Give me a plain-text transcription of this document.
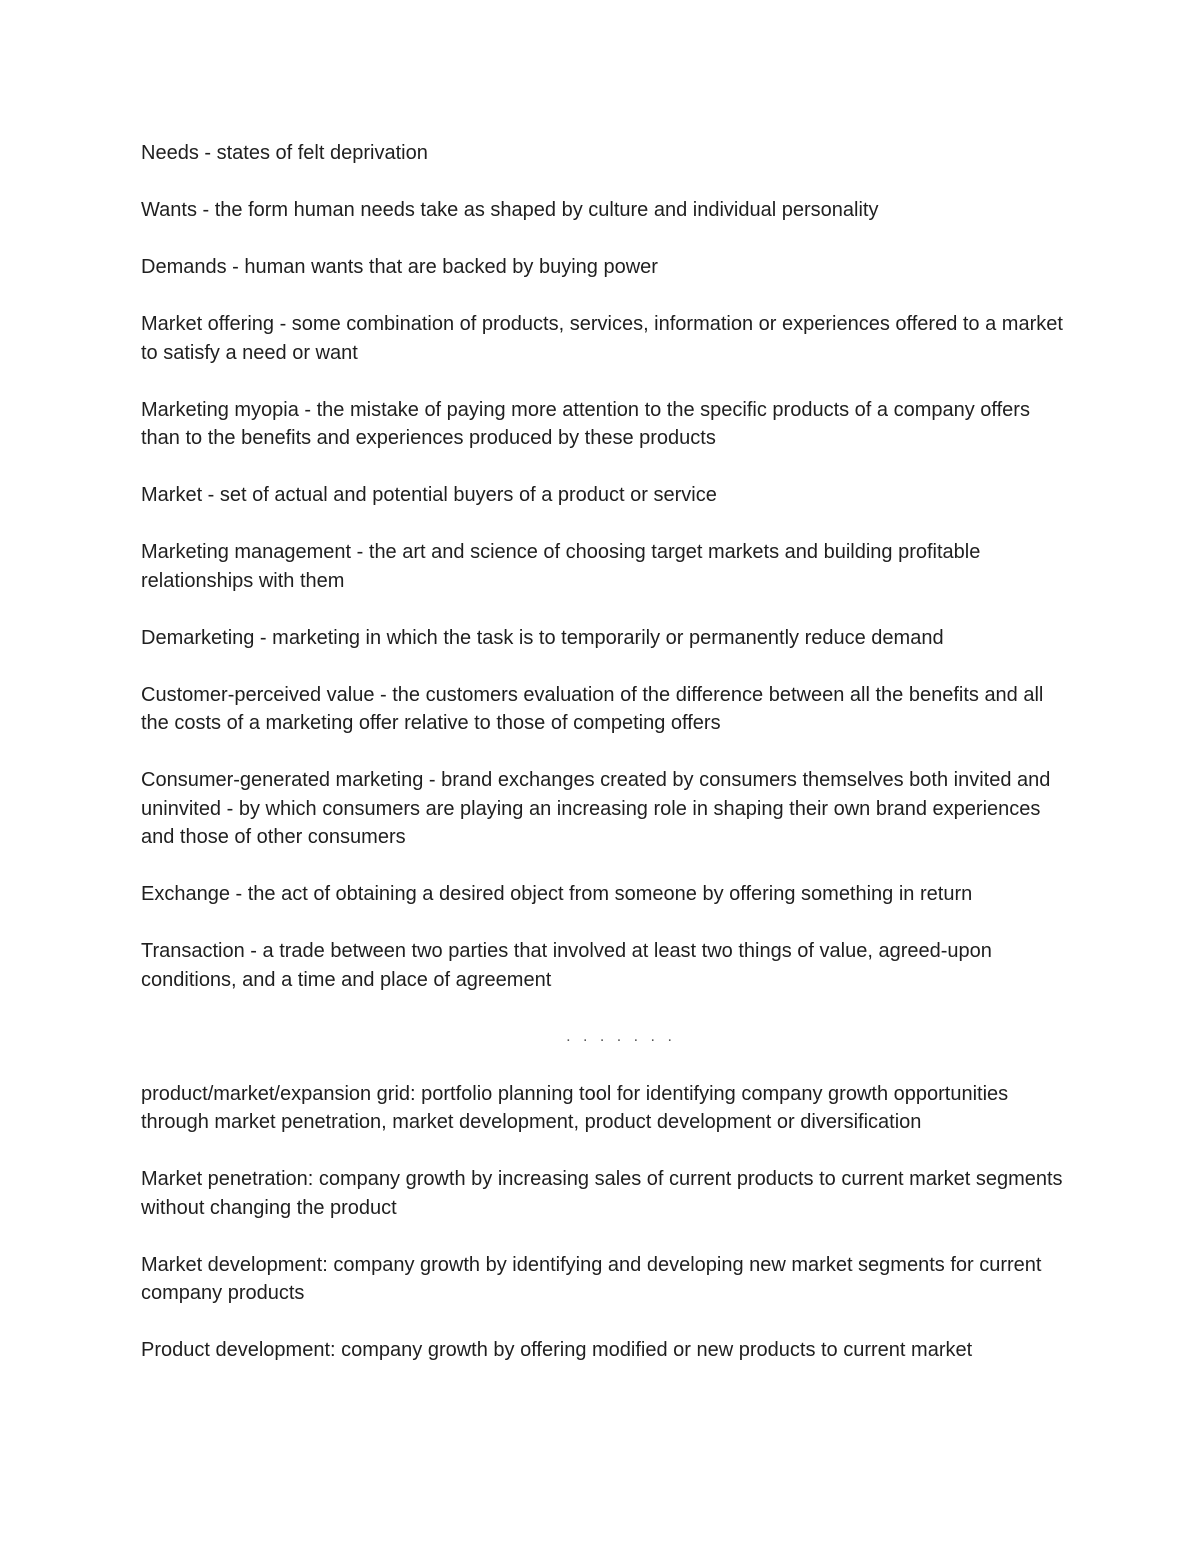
Needs - states of felt deprivation

Wants - the form human needs take as shaped by culture and individual personality

Demands - human wants that are backed by buying power

Market offering - some combination of products, services, information or experiences offered to a market to satisfy a need or want

Marketing myopia - the mistake of paying more attention to the specific products of a company offers than to the benefits and experiences produced by these products

Market - set of actual and potential buyers of a product or service

Marketing management - the art and science of choosing target markets and building profitable relationships with them

Demarketing - marketing in which the task is to temporarily or permanently reduce demand

Customer-perceived value - the customers evaluation of the difference between all the benefits and all the costs of a marketing offer relative to those of competing offers

Consumer-generated marketing - brand exchanges created by consumers themselves both invited and uninvited - by which consumers are playing an increasing role in shaping their own brand experiences and those of other consumers

Exchange - the act of obtaining a desired object from someone by offering something in return

Transaction - a trade between two parties that involved at least two things of value, agreed-upon conditions, and a time and place of agreement

. . . . . . .

product/market/expansion grid: portfolio planning tool for identifying company growth opportunities through market penetration, market development, product development or diversification

Market penetration: company growth by increasing sales of current products to current market segments without changing the product

Market development: company growth by identifying and developing new market segments for current company products

Product development: company growth by offering modified or new products to current market
